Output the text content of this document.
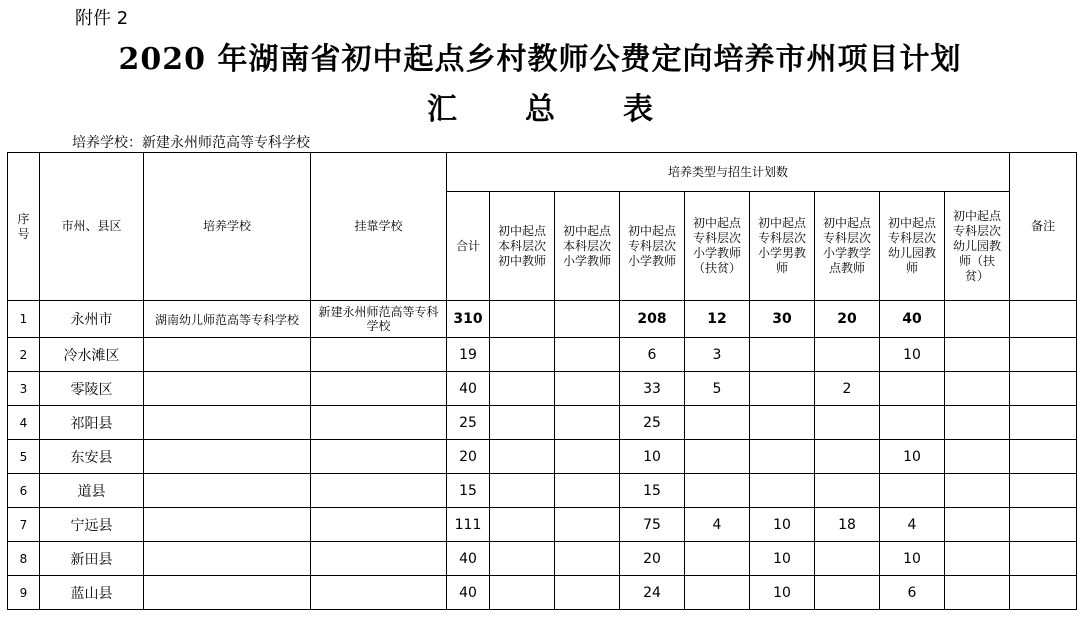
附件 2
2020 年湖南省初中起点乡村教师公费定向培养市州项目计划
汇 总 表
培养学校：新建永州师范高等专科学校
序号	市州、县区	培养学校	挂靠学校	培养类型与招生计划数									备注
				合计	初中起点本科层次初中教师	初中起点本科层次小学教师	初中起点专科层次小学教师	初中起点专科层次小学教师（扶贫）	初中起点专科层次小学男教师	初中起点专科层次小学教学点教师	初中起点专科层次幼儿园教师	初中起点专科层次幼儿园教师（扶贫）	
1	永州市	湖南幼儿师范高等专科学校	新建永州师范高等专科学校	310			208	12	30	20	40		
2	冷水滩区			19			6	3			10		
3	零陵区			40			33	5		2			
4	祁阳县			25			25						
5	东安县			20			10				10		
6	道县			15			15						
7	宁远县			111			75	4	10	18	4		
8	新田县			40			20		10		10		
9	蓝山县			40			24		10		6		
